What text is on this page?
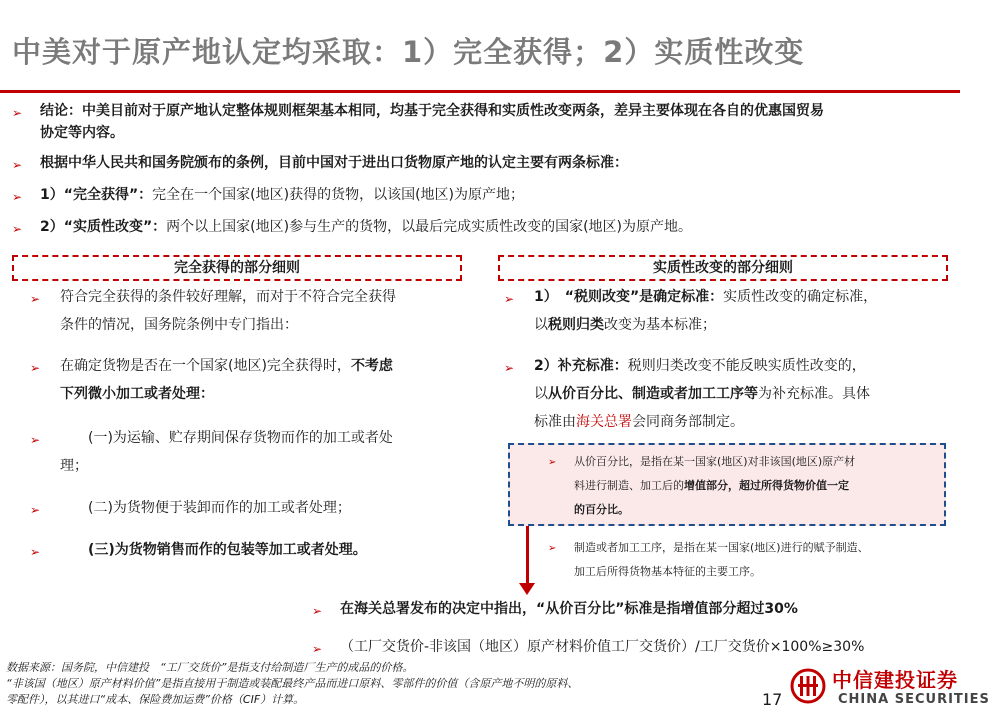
中美对于原产地认定均采取：1）完全获得；2）实质性改变
➢	结论：中美目前对于原产地认定整体规则框架基本相同，均基于完全获得和实质性改变两条，差异主要体现在各自的优惠国贸易
协定等内容。
➢	根据中华人民共和国务院颁布的条例，目前中国对于进出口货物原产地的认定主要有两条标准：
➢	1）“完全获得”：完全在一个国家(地区)获得的货物，以该国(地区)为原产地；
➢	2）“实质性改变”：两个以上国家(地区)参与生产的货物，以最后完成实质性改变的国家(地区)为原产地。
完全获得的部分细则	实质性改变的部分细则
➢	符合完全获得的条件较好理解，而对于不符合完全获得
条件的情况，国务院条例中专门指出：
➢	在确定货物是否在一个国家(地区)完全获得时，不考虑
下列微小加工或者处理：
➢	　　(一)为运输、贮存期间保存货物而作的加工或者处
理；
➢	　　(二)为货物便于装卸而作的加工或者处理；
➢	　　(三)为货物销售而作的包装等加工或者处理。
➢	1）　“税则改变”是确定标准：实质性改变的确定标准，
以税则归类改变为基本标准；
➢	2）补充标准：税则归类改变不能反映实质性改变的，
以从价百分比、制造或者加工工序等为补充标准。具体
标准由海关总署会同商务部制定。
➢	从价百分比，是指在某一国家(地区)对非该国(地区)原产材
料进行制造、加工后的增值部分，超过所得货物价值一定
的百分比。
➢	制造或者加工工序，是指在某一国家(地区)进行的赋予制造、
加工后所得货物基本特征的主要工序。
➢	在海关总署发布的决定中指出，“从价百分比”标准是指增值部分超过30%
➢	（工厂交货价-非该国（地区）原产材料价值工厂交货价）/工厂交货价×100%≥30%
数据来源：国务院，中信建投　“工厂交货价”是指支付给制造厂生产的成品的价格。
“非该国（地区）原产材料价值”是指直接用于制造或装配最终产品而进口原料、零部件的价值（含原产地不明的原料、
零配件），以其进口“成本、保险费加运费”价格（CIF）计算。	17
中信建投证券
CHINA SECURITIES
